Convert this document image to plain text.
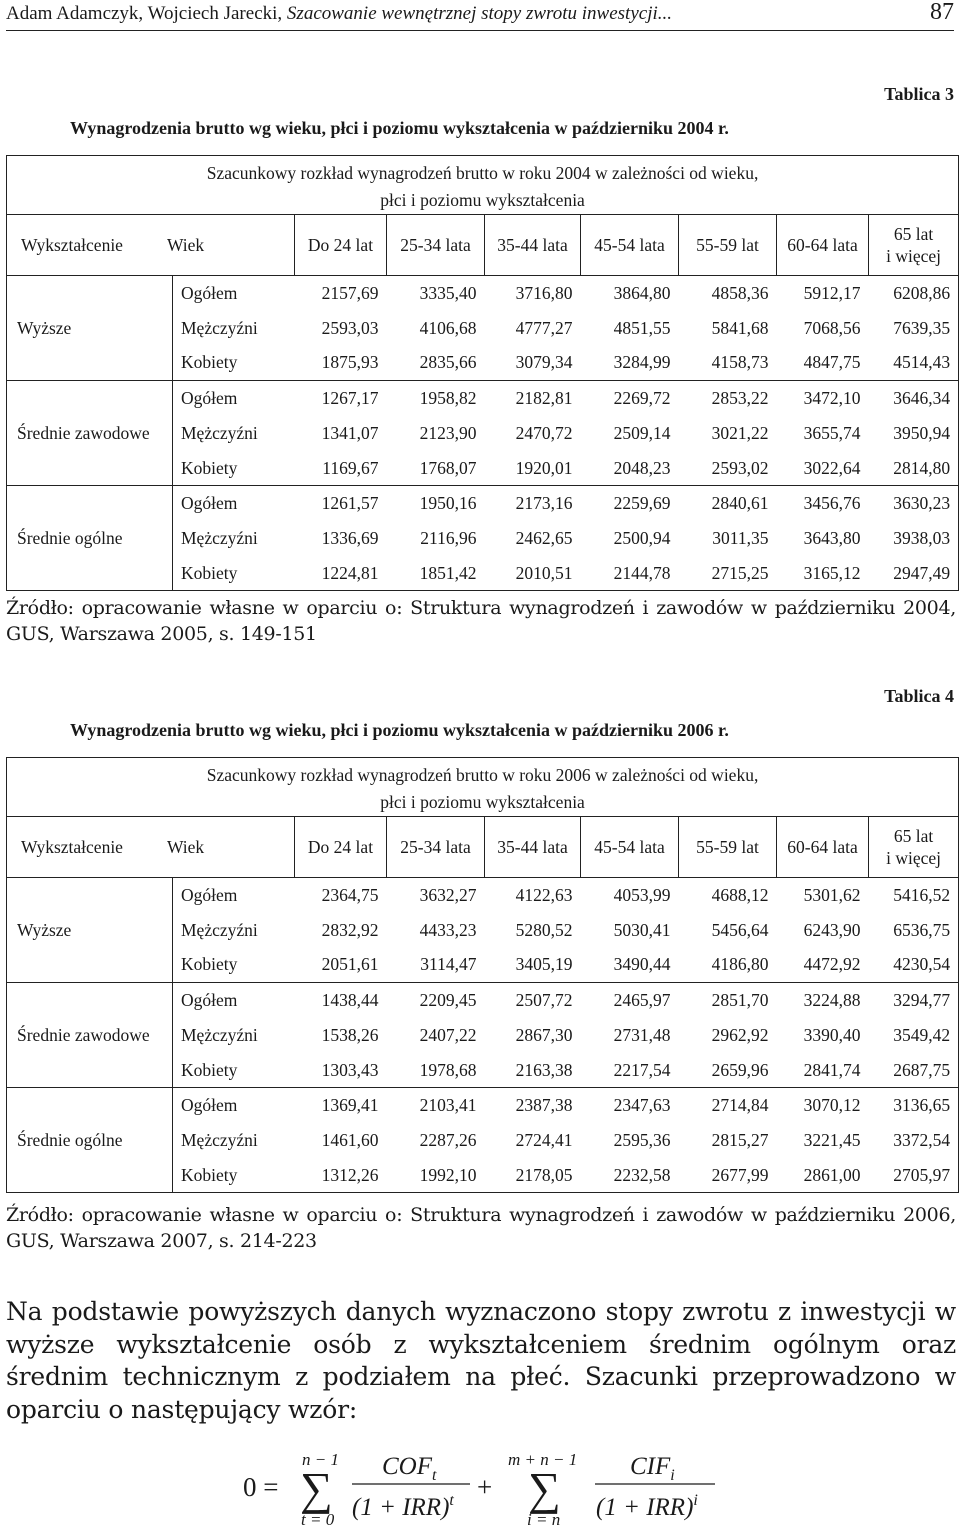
Adam Adamczyk, Wojciech Jarecki, Szacowanie wewnętrznej stopy zwrotu inwestycji...	87
Tablica 3
Wynagrodzenia brutto wg wieku, płci i poziomu wykształcenia w październiku 2004 r.
Szacunkowy rozkład wynagrodzeń brutto w roku 2004 w zależności od wieku,
płci i poziomu wykształcenia								

Wykształcenie Wiek		Do 24 lat	25-34 lata	35-44 lata	45-54 lata	55-59 lat	60-64 lata	65 lat
i więcej

Wyższe	Ogółem	2157,69	3335,40	3716,80	3864,80	4858,36	5912,17	6208,86
	Mężczyźni	2593,03	4106,68	4777,27	4851,55	5841,68	7068,56	7639,35
	Kobiety	1875,93	2835,66	3079,34	3284,99	4158,73	4847,75	4514,43
Średnie zawodowe	Ogółem	1267,17	1958,82	2182,81	2269,72	2853,22	3472,10	3646,34
	Mężczyźni	1341,07	2123,90	2470,72	2509,14	3021,22	3655,74	3950,94
	Kobiety	1169,67	1768,07	1920,01	2048,23	2593,02	3022,64	2814,80
Średnie ogólne	Ogółem	1261,57	1950,16	2173,16	2259,69	2840,61	3456,76	3630,23
	Mężczyźni	1336,69	2116,96	2462,65	2500,94	3011,35	3643,80	3938,03
	Kobiety	1224,81	1851,42	2010,51	2144,78	2715,25	3165,12	2947,49
Źródło: opracowanie własne w oparciu o: Struktura wynagrodzeń i zawodów w październiku 2004, GUS, Warszawa 2005, s. 149-151
Tablica 4
Wynagrodzenia brutto wg wieku, płci i poziomu wykształcenia w październiku 2006 r.
Szacunkowy rozkład wynagrodzeń brutto w roku 2006 w zależności od wieku,
płci i poziomu wykształcenia								

Wykształcenie Wiek		Do 24 lat	25-34 lata	35-44 lata	45-54 lata	55-59 lat	60-64 lata	65 lat
i więcej

Wyższe	Ogółem	2364,75	3632,27	4122,63	4053,99	4688,12	5301,62	5416,52
	Mężczyźni	2832,92	4433,23	5280,52	5030,41	5456,64	6243,90	6536,75
	Kobiety	2051,61	3114,47	3405,19	3490,44	4186,80	4472,92	4230,54
Średnie zawodowe	Ogółem	1438,44	2209,45	2507,72	2465,97	2851,70	3224,88	3294,77
	Mężczyźni	1538,26	2407,22	2867,30	2731,48	2962,92	3390,40	3549,42
	Kobiety	1303,43	1978,68	2163,38	2217,54	2659,96	2841,74	2687,75
Średnie ogólne	Ogółem	1369,41	2103,41	2387,38	2347,63	2714,84	3070,12	3136,65
	Mężczyźni	1461,60	2287,26	2724,41	2595,36	2815,27	3221,45	3372,54
	Kobiety	1312,26	1992,10	2178,05	2232,58	2677,99	2861,00	2705,97
Źródło: opracowanie własne w oparciu o: Struktura wynagrodzeń i zawodów w październiku 2006, GUS, Warszawa 2007, s. 214-223
Na podstawie powyższych danych wyznaczono stopy zwrotu z inwestycji w wyższe wykształcenie osób z wykształceniem średnim ogólnym oraz średnim technicznym z podziałem na płeć. Szacunki przeprowadzono w oparciu o następujący wzór:
0 =
n − 1
∑
t = 0
$COF_t$
(1 + IRR)$^t$ +
m + n − 1
∑
i = n
$CIF_i$
(1 + IRR)$^i$
